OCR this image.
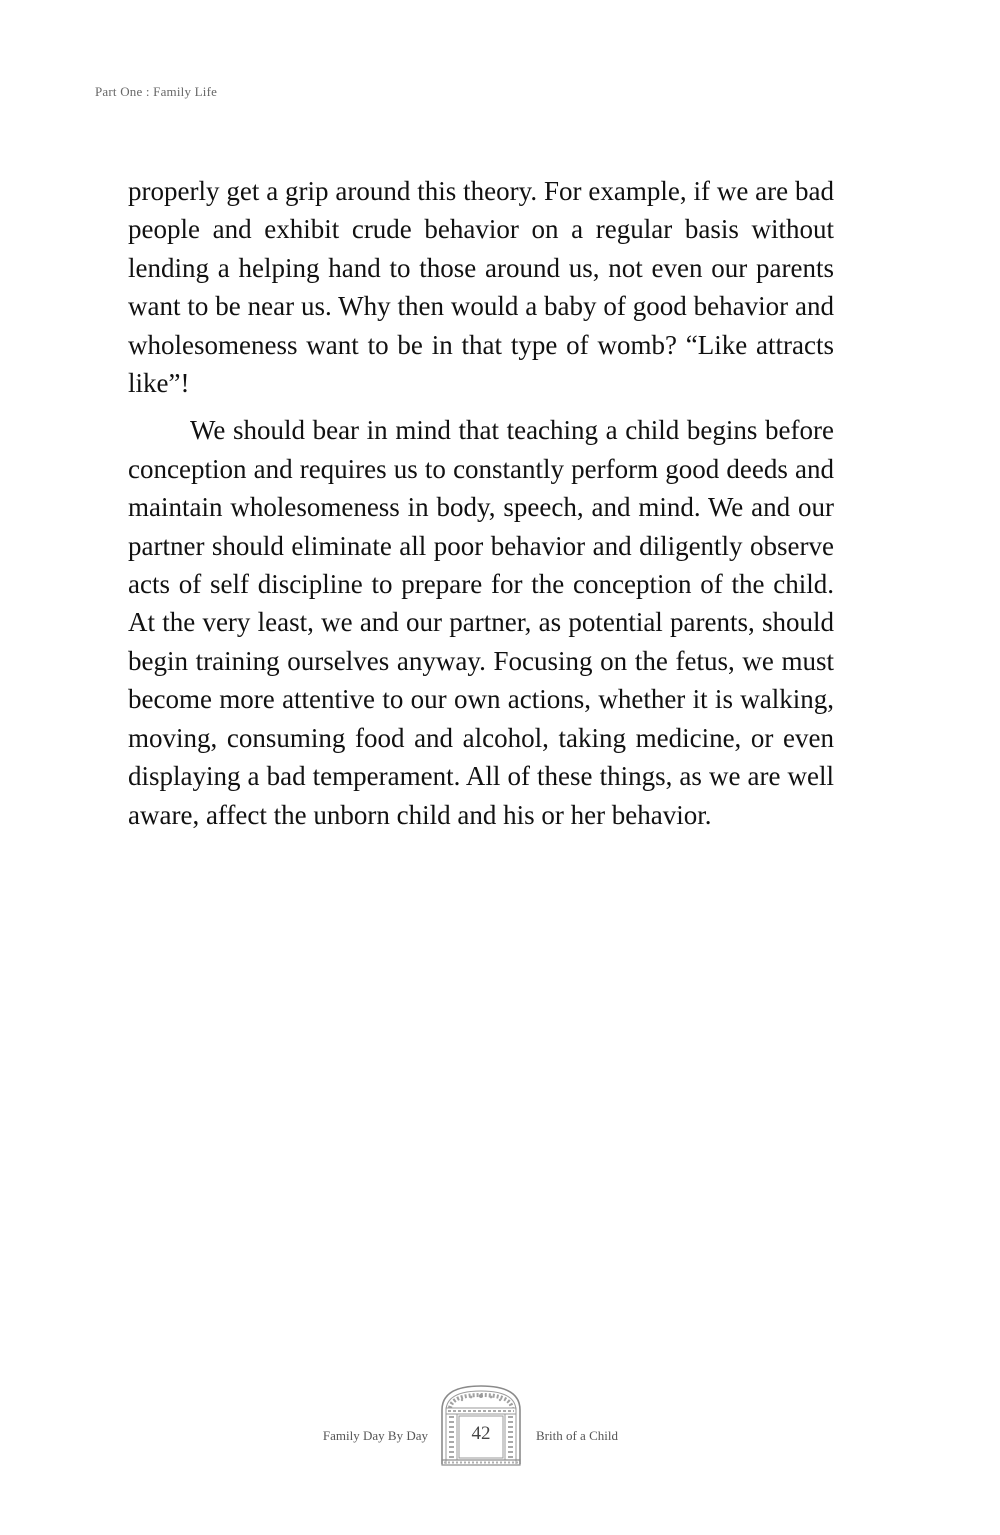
Part One : Family Life

properly get a grip around this theory. For example, if we are bad people and exhibit crude behavior on a regular basis without lending a helping hand to those around us, not even our parents want to be near us. Why then would a baby of good behavior and wholesomeness want to be in that type of womb? “Like attracts like”!

We should bear in mind that teaching a child begins before conception and requires us to constantly perform good deeds and maintain wholesomeness in body, speech, and mind. We and our partner should eliminate all poor behavior and diligently observe acts of self discipline to prepare for the conception of the child. At the very least, we and our partner, as potential parents, should begin training ourselves anyway. Focusing on the fetus, we must become more attentive to our own actions, whether it is walking, moving, consuming food and alcohol, taking medicine, or even displaying a bad temperament. All of these things, as we are well aware, affect the unborn child and his or her behavior.

Family Day By Day	42	Brith of a Child
